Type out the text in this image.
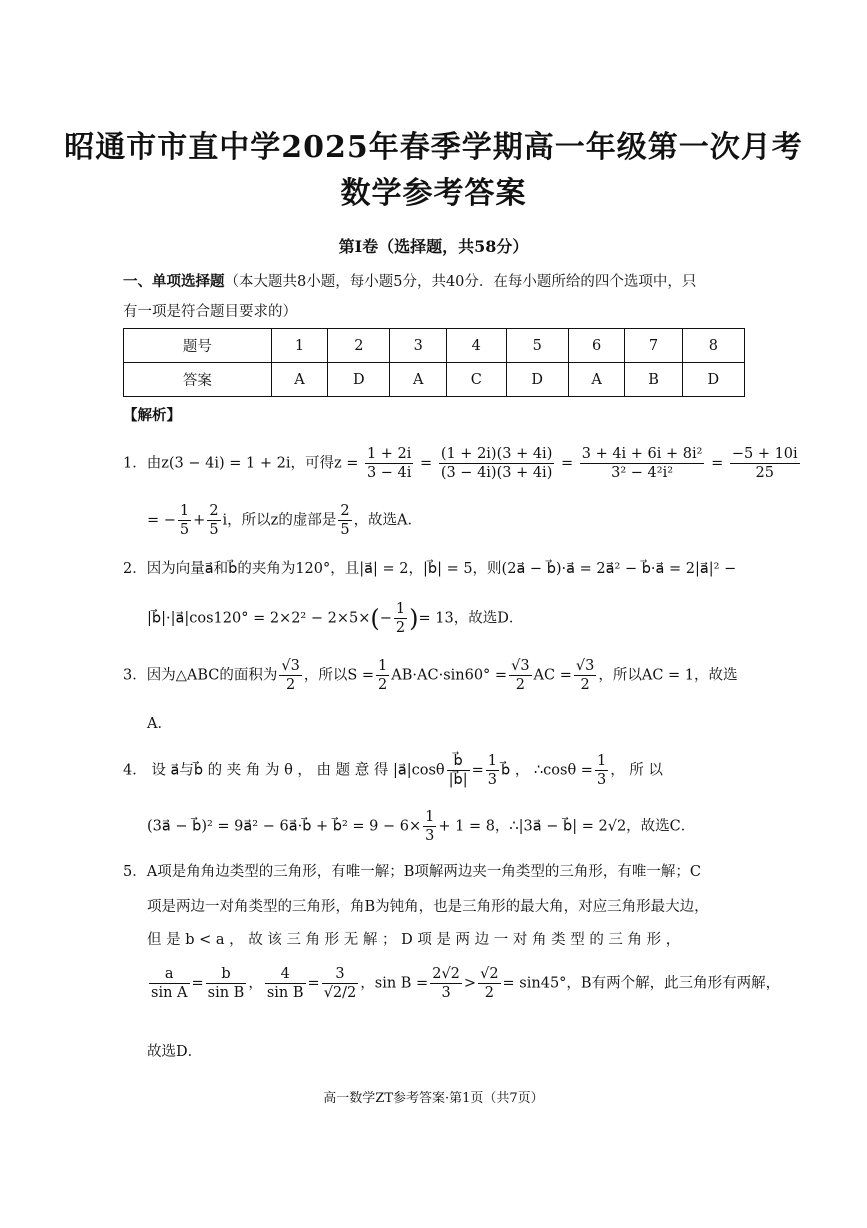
昭通市市直中学2025年春季学期高一年级第一次月考
数学参考答案
第Ⅰ卷（选择题，共58分）
一、单项选择题（本大题共8小题，每小题5分，共40分．在每小题所给的四个选项中，只
有一项是符合题目要求的）
题号	1	2	3	4	5	6	7	8
答案	A	D	A	C	D	A	B	D
【解析】
1．由z(3 − 4i) = 1 + 2i，可得$z = \frac{1 + 2i}{3 - 4i} = \frac{(1 + 2i)(3 + 4i)}{(3 - 4i)(3 + 4i)} = \frac{\text{3 + 4i + 6i + 8i²}}{\text{3² − 4²i²}} = \frac{-5 + 10i}{25}$
= − $\frac{1}{5} + \frac{2}{5}$ i，所以z的虚部是 $\frac{2}{5}$ ，故选A．
2．因为向量a⃗和b⃗的夹角为120°，且|a⃗| = 2，|b⃗| = 5，则(2a⃗ − b⃗)·a⃗ = 2a⃗² − b⃗·a⃗ = 2|a⃗|² −
|b⃗|·|a⃗|cos120° = $2\times 2^2 - 2\times 5\times(- \frac{1}{2}$ )= 13，故选D．
3．因为△ABC的面积为 $\frac{√3}{2}$ ，所以$S = \frac{1}{2} AB\cdot AC\cdot\sin 60^\circ = \frac{√3}{2}$ AC = $\frac{√3}{2}$ ，所以AC = 1，故选
A．
4． 设 a⃗与b⃗ 的 夹 角 为 θ ， 由 题 意 得 |a⃗|cosθ $\frac{b⃗}{|b⃗|} = \frac{1}{3}$ b⃗ ， ∴cosθ = $\frac{1}{3}$ ， 所 以
(3a⃗ − b⃗)² = 9a⃗² − 6a⃗·b⃗ + b⃗² = $9 - 6\times \frac{1}{3} + 1 = 8$，∴|3a⃗ − b⃗| = 2√2，故选C．
5．A项是角角边类型的三角形，有唯一解；B项解两边夹一角类型的三角形，有唯一解；C
项是两边一对角类型的三角形，角B为钝角，也是三角形的最大角，对应三角形最大边，
但 是 b < a ， 故 该 三 角 形 无 解 ； D 项 是 两 边 一 对 角 类 型 的 三 角 形 ，
$\frac{a}{\text{sin A}} = \frac{b}{\text{sin B}}$ ， $\frac{4}{\text{sin B}} = \frac{3}{√2/2}$ ，$\sin B = \frac{2√2}{3} > \frac{√2}{2} = \sin 45^\circ$，B有两个解，此三角形有两解，
故选D．
高一数学ZT参考答案·第1页（共7页）
